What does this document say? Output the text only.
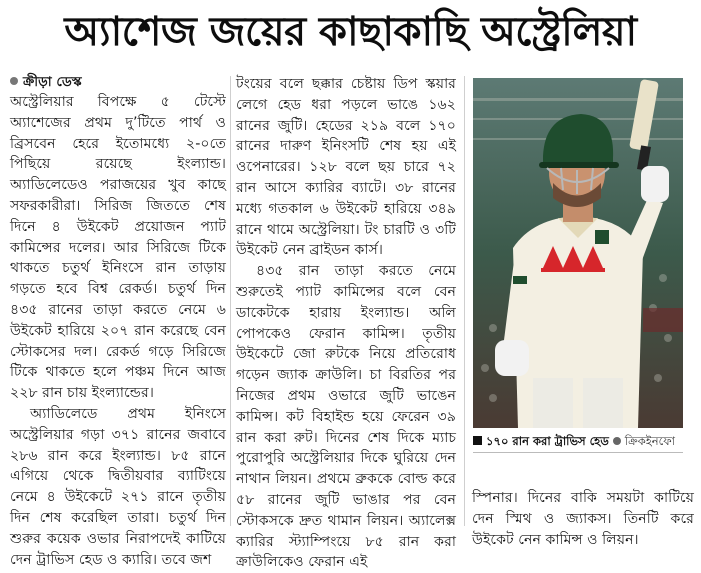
অ্যাশেজ জয়ের কাছাকাছি অস্ট্রেলিয়া

ক্রীড়া ডেস্ক
অস্ট্রেলিয়ার বিপক্ষে ৫ টেস্টে অ্যাশেজের প্রথম দু’টিতে পার্থ ও ব্রিসবেন হেরে ইতোমধ্যে ২-০তে পিছিয়ে রয়েছে ইংল্যান্ড। অ্যাডিলেডেও পরাজয়ের খুব কাছে সফরকারীরা। সিরিজ জিততে শেষ দিনে ৪ উইকেট প্রয়োজন প্যাট কামিন্সের দলের। আর সিরিজে টিকে থাকতে চতুর্থ ইনিংসে রান তাড়ায় গড়তে হবে বিশ্ব রেকর্ড। চতুর্থ দিন ৪৩৫ রানের তাড়া করতে নেমে ৬ উইকেট হারিয়ে ২০৭ রান করেছে বেন স্টোকসের দল। রেকর্ড গড়ে সিরিজে টিকে থাকতে হলে পঞ্চম দিনে আজ ২২৮ রান চায় ইংল্যান্ডের।

অ্যাডিলেডে প্রথম ইনিংসে অস্ট্রেলিয়ার গড়া ৩৭১ রানের জবাবে ২৮৬ রান করে ইংল্যান্ড। ৮৫ রানে এগিয়ে থেকে দ্বিতীয়বার ব্যাটিংয়ে নেমে ৪ উইকেটে ২৭১ রানে তৃতীয় দিন শেষ করেছিল তারা। চতুর্থ দিন শুরুর কয়েক ওভার নিরাপদেই কাটিয়ে দেন ট্রাভিস হেড ও ক্যারি। তবে জশ

টংয়ের বলে ছক্কার চেষ্টায় ডিপ স্কয়ার লেগে হেড ধরা পড়লে ভাঙে ১৬২ রানের জুটি। হেডের ২১৯ বলে ১৭০ রানের দারুণ ইনিংসটি শেষ হয় এই ওপেনারের। ১২৮ বলে ছয় চারে ৭২ রান আসে ক্যারির ব্যাটে। ৩৮ রানের মধ্যে গতকাল ৬ উইকেট হারিয়ে ৩৪৯ রানে থামে অস্ট্রেলিয়া। টং চারটি ও ৩টি উইকেট নেন ব্রাইডন কার্স।

৪৩৫ রান তাড়া করতে নেমে শুরুতেই প্যাট কামিন্সের বলে বেন ডাকেটকে হারায় ইংল্যান্ড। অলি পোপকেও ফেরান কামিন্স। তৃতীয় উইকেটে জো রুটকে নিয়ে প্রতিরোধ গড়েন জ্যাক ক্রাউলি। চা বিরতির পর নিজের প্রথম ওভারে জুটি ভাঙেন কামিন্স। কট বিহাইন্ড হয়ে ফেরেন ৩৯ রান করা রুট। দিনের শেষ দিকে ম্যাচ পুরোপুরি অস্ট্রেলিয়ার দিকে ঘুরিয়ে দেন নাথান লিয়ন। প্রথমে ব্রুককে বোল্ড করে ৫৮ রানের জুটি ভাঙার পর বেন স্টোকসকে দ্রুত থামান লিয়ন। অ্যালেক্স ক্যারির স্ট্যাম্পিংয়ে ৮৫ রান করা ক্রাউলিকেও ফেরান এই

১৭০ রান করা ট্রাভিস হেড ক্রিকইনফো

স্পিনার। দিনের বাকি সময়টা কাটিয়ে দেন স্মিথ ও জ্যাকস। তিনটি করে উইকেট নেন কামিন্স ও লিয়ন।
